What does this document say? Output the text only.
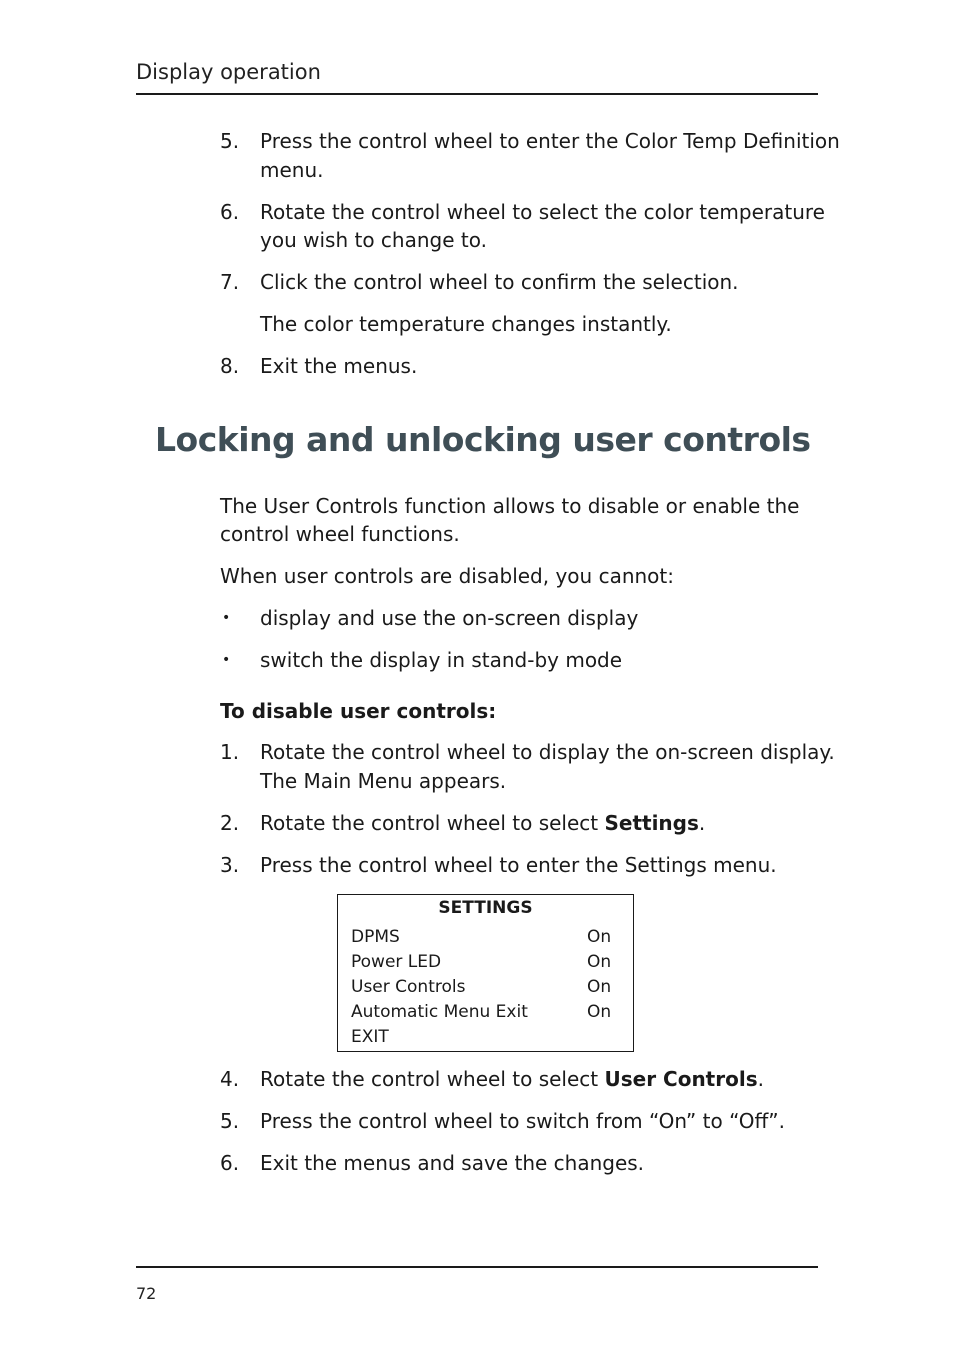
Display operation
5. Press the control wheel to enter the Color Temp Definition
menu.
6. Rotate the control wheel to select the color temperature
you wish to change to.
7. Click the control wheel to confirm the selection.
The color temperature changes instantly.
8. Exit the menus.
Locking and unlocking user controls
The User Controls function allows to disable or enable the
control wheel functions.
When user controls are disabled, you cannot:
• display and use the on-screen display
• switch the display in stand-by mode
To disable user controls:
1. Rotate the control wheel to display the on-screen display.
The Main Menu appears.
2. Rotate the control wheel to select Settings.
3. Press the control wheel to enter the Settings menu.
SETTINGS
DPMS	On
Power LED	On
User Controls	On
Automatic Menu Exit	On
EXIT
4. Rotate the control wheel to select User Controls.
5. Press the control wheel to switch from “On” to “Off”.
6. Exit the menus and save the changes.
72
